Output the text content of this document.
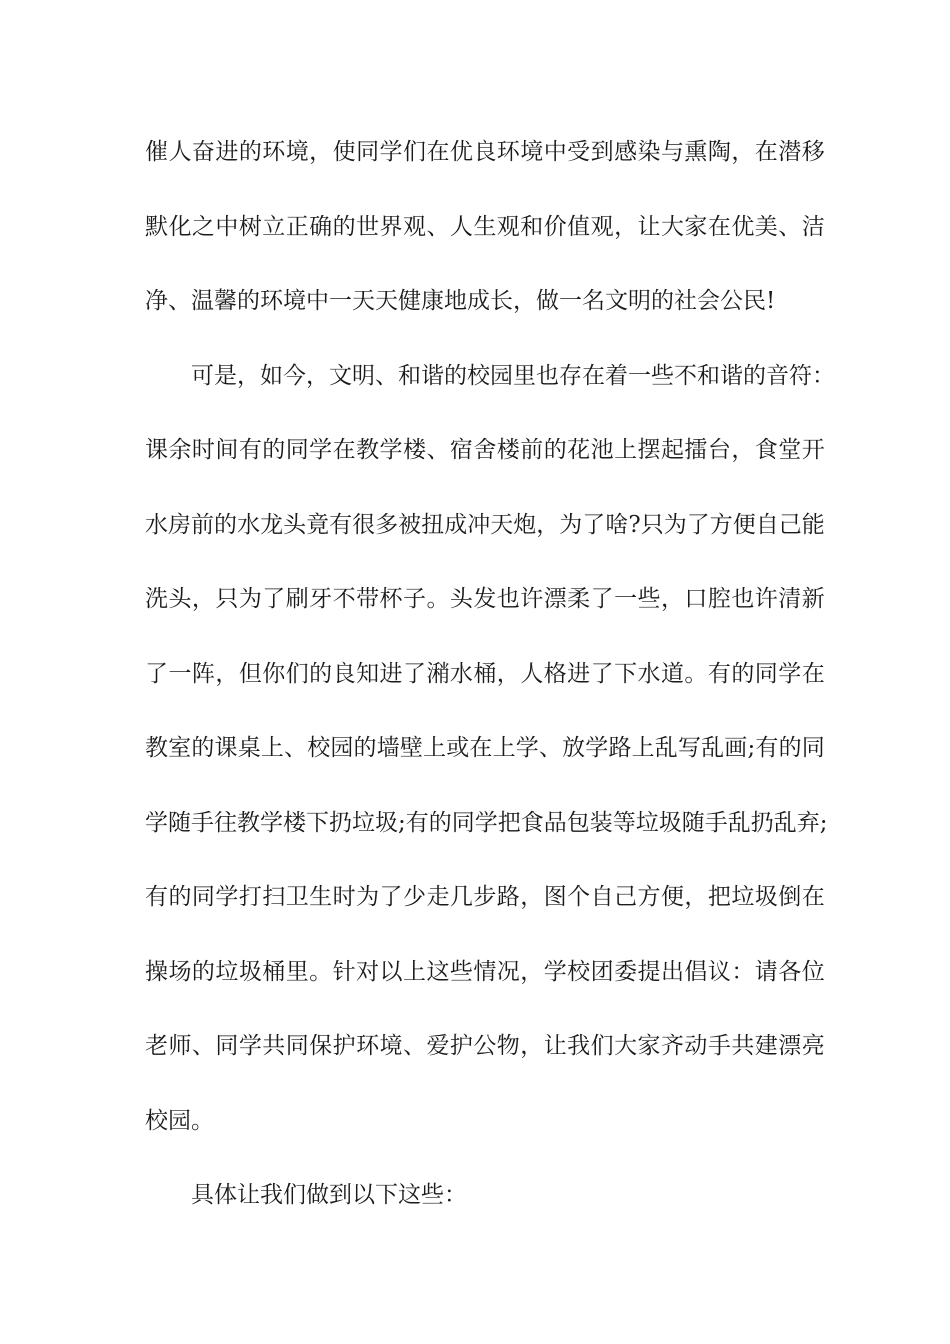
催 人 奋 进 的 环 境 ， 使 同 学 们 在 优 良 环 境 中 受 到 感 染 与 熏 陶 ， 在 潜 移
默 化 之 中 树 立 正 确 的 世 界 观 、 人 生 观 和 价 值 观 ， 让 大 家 在 优 美 、 洁
净 、 温 馨 的 环 境 中 一 天 天 健 康 地 成 长 ， 做 一 名 文 明 的 社 会 公 民 !
可 是 ， 如 今 ， 文 明 、 和 谐 的 校 园 里 也 存 在 着 一 些 不 和 谐 的 音 符 ：
课 余 时 间 有 的 同 学 在 教 学 楼 、 宿 舍 楼 前 的 花 池 上 摆 起 擂 台 ， 食 堂 开
水 房 前 的 水 龙 头 竟 有 很 多 被 扭 成 冲 天 炮 ， 为 了 啥 ? 只 为 了 方 便 自 己 能
洗 头 ， 只 为 了 刷 牙 不 带 杯 子 。 头 发 也 许 漂 柔 了 一 些 ， 口 腔 也 许 清 新
了 一 阵 ， 但 你 们 的 良 知 进 了 潲 水 桶 ， 人 格 进 了 下 水 道 。 有 的 同 学 在
教 室 的 课 桌 上 、 校 园 的 墙 壁 上 或 在 上 学 、 放 学 路 上 乱 写 乱 画 ; 有 的 同
学 随 手 往 教 学 楼 下 扔 垃 圾 ; 有 的 同 学 把 食 品 包 装 等 垃 圾 随 手 乱 扔 乱 弃 ;
有 的 同 学 打 扫 卫 生 时 为 了 少 走 几 步 路 ， 图 个 自 己 方 便 ， 把 垃 圾 倒 在
操 场 的 垃 圾 桶 里 。 针 对 以 上 这 些 情 况 ， 学 校 团 委 提 出 倡 议 ： 请 各 位
老 师 、 同 学 共 同 保 护 环 境 、 爱 护 公 物 ， 让 我 们 大 家 齐 动 手 共 建 漂 亮
校 园 。
具 体 让 我 们 做 到 以 下 这 些 ：
